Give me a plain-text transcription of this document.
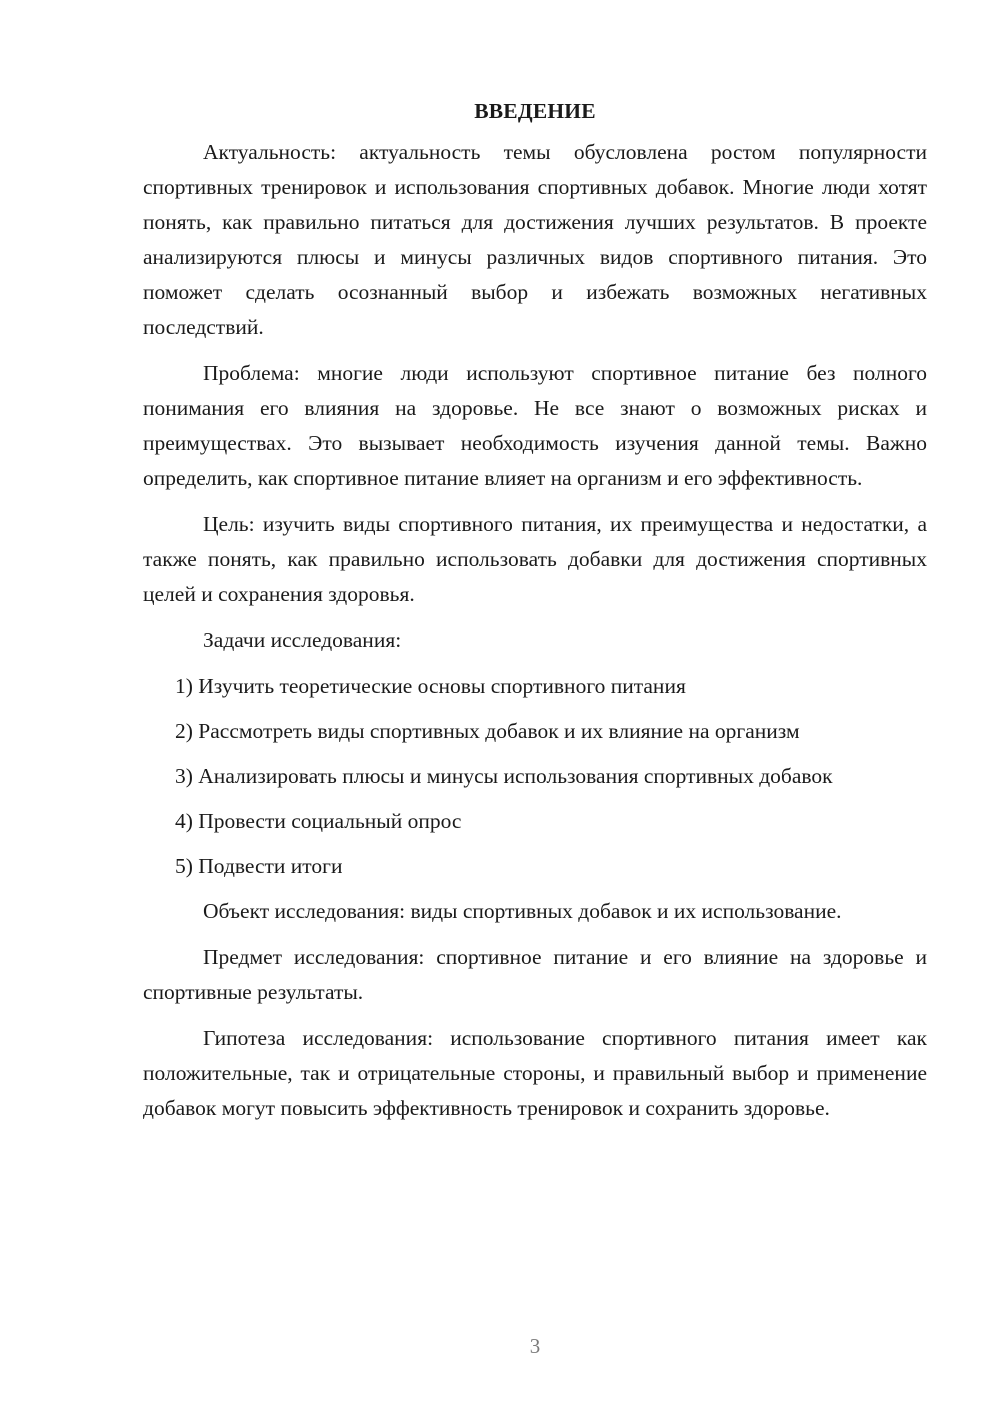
ВВЕДЕНИЕ

Актуальность: актуальность темы обусловлена ростом популярности спортивных тренировок и использования спортивных добавок. Многие люди хотят понять, как правильно питаться для достижения лучших результатов. В проекте анализируются плюсы и минусы различных видов спортивного питания. Это поможет сделать осознанный выбор и избежать возможных негативных последствий.

Проблема: многие люди используют спортивное питание без полного понимания его влияния на здоровье. Не все знают о возможных рисках и преимуществах. Это вызывает необходимость изучения данной темы. Важно определить, как спортивное питание влияет на организм и его эффективность.

Цель: изучить виды спортивного питания, их преимущества и недостатки, а также понять, как правильно использовать добавки для достижения спортивных целей и сохранения здоровья.

Задачи исследования:

1) Изучить теоретические основы спортивного питания
2) Рассмотреть виды спортивных добавок и их влияние на организм
3) Анализировать плюсы и минусы использования спортивных добавок
4) Провести социальный опрос
5) Подвести итоги

Объект исследования: виды спортивных добавок и их использование.

Предмет исследования: спортивное питание и его влияние на здоровье и спортивные результаты.

Гипотеза исследования: использование спортивного питания имеет как положительные, так и отрицательные стороны, и правильный выбор и применение добавок могут повысить эффективность тренировок и сохранить здоровье.

3
